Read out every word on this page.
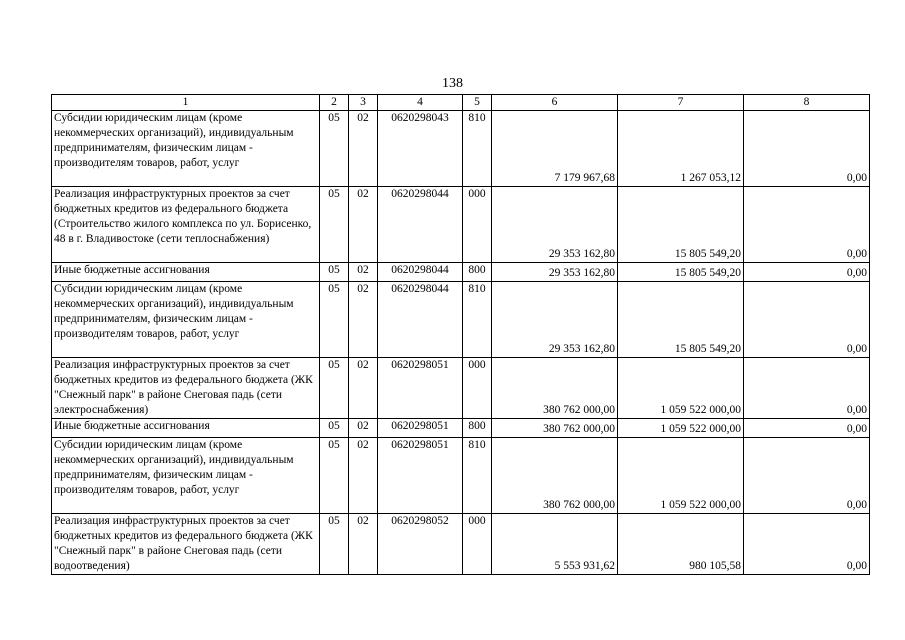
138
1	2	3	4	5	6	7	8
Субсидии юридическим лицам (кроме некоммерческих организаций), индивидуальным предпринимателям, физическим лицам - производителям товаров, работ, услуг	05	02	0620298043	810	7 179 967,68	1 267 053,12	0,00
Реализация инфраструктурных проектов за счет бюджетных кредитов из федерального бюджета (Строительство жилого комплекса по ул. Борисенко, 48 в г. Владивостоке (сети теплоснабжения)	05	02	0620298044	000	29 353 162,80	15 805 549,20	0,00
Иные бюджетные ассигнования	05	02	0620298044	800	29 353 162,80	15 805 549,20	0,00
Субсидии юридическим лицам (кроме некоммерческих организаций), индивидуальным предпринимателям, физическим лицам - производителям товаров, работ, услуг	05	02	0620298044	810	29 353 162,80	15 805 549,20	0,00
Реализация инфраструктурных проектов за счет бюджетных кредитов из федерального бюджета (ЖК "Снежный парк" в районе Снеговая падь (сети электроснабжения)	05	02	0620298051	000	380 762 000,00	1 059 522 000,00	0,00
Иные бюджетные ассигнования	05	02	0620298051	800	380 762 000,00	1 059 522 000,00	0,00
Субсидии юридическим лицам (кроме некоммерческих организаций), индивидуальным предпринимателям, физическим лицам - производителям товаров, работ, услуг	05	02	0620298051	810	380 762 000,00	1 059 522 000,00	0,00
Реализация инфраструктурных проектов за счет бюджетных кредитов из федерального бюджета (ЖК "Снежный парк" в районе Снеговая падь (сети водоотведения)	05	02	0620298052	000	5 553 931,62	980 105,58	0,00
